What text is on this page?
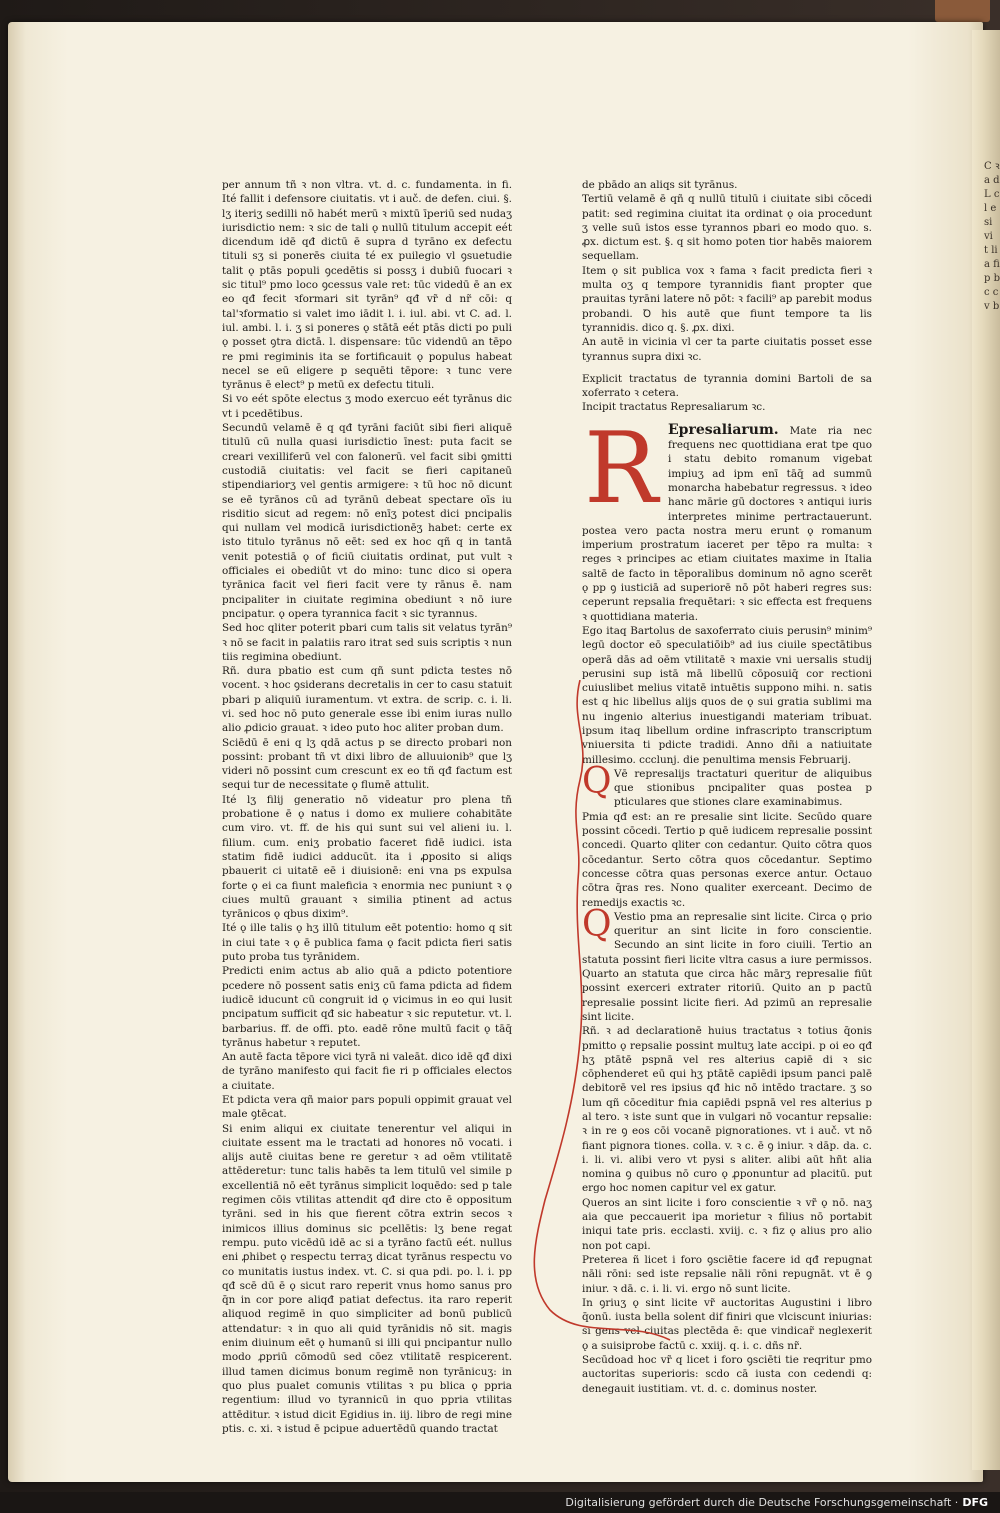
C ꝛ a d L c l e si vi t li a fi p b c c v b

per annum tñ ꝛ non vltra. vt. d. c. fundamenta. in fi. Ité fallit i defensore ciuitatis. vt i auč. de defen. ciui. §. lʒ iteriʒ sedilli nō habét merū ꝛ mixtū īperiū sed nudaʒ iurisdictio nem: ꝛ sic de tali ǫ nullū titulum accepit eét dicendum idē qđ dictū ē supra d tyrāno ex defectu tituli sʒ si ponerēs ciuita té ex puilegio vl ꝯsuetudie talit ǫ ptās populi ꝯcedētis si possʒ i dubiū fuocari ꝛ sic titul⁹ pmo loco ꝯcessus vale ret: tūc videdū ē an ex eo qđ fecit ꝛformari sit tyrān⁹ qđ vr̃ d nr̃ cōi: q tal'ꝛformatio si valet imo iādit l. i. iul. abi. vt C. ad. l. iul. ambi. l. i. ʒ si poneres ǫ stātā eét ptās dicti po puli ǫ posset ꝯtra dictā. l. dispensare: tūc videndū an tēpo re pmi regiminis ita se fortificauit ǫ populus habeat necel se eū eligere p sequēti tēpore: ꝛ tunc vere tyrānus ē elect⁹ p metū ex defectu tituli.

Si vo eét spōte electus ʒ modo exercuo eét tyrānus dic vt i pcedētibus.

Secundū velamē ē q qđ tyrāni faciūt sibi fieri aliquē titulū cū nulla quasi iurisdictio īnest: puta facit se creari vexilliferū vel con falonerū. vel facit sibi ꝯmitti custodiā ciuitatis: vel facit se fieri capitaneū stipendiariorʒ vel gentis armigere: ꝛ tū hoc nō dicunt se eē tyrānos cū ad tyrānū debeat spectare oīs iu risditio sicut ad regem: nō enīʒ potest dici pncipalis qui nullam vel modicā iurisdictionēʒ habet: certe ex isto titulo tyrānus nō eēt: sed ex hoc qñ q in tantā venit potestiā ǫ of ficiū ciuitatis ordinat, put vult ꝛ officiales ei obediūt vt do mino: tunc dico si opera tyrānica facit vel fieri facit vere ty rānus ē. nam pncipaliter in ciuitate regimina obediunt ꝛ nō iure pncipatur. ǫ opera tyrannica facit ꝛ sic tyrannus.

Sed hoc qliter poterit pbari cum talis sit velatus tyrān⁹ ꝛ nō se facit in palatiis raro itrat sed suis scriptis ꝛ nun tiis regimina obediunt.

Rñ. dura pbatio est cum qñ sunt pdicta testes nō vocent. ꝛ hoc ꝯsiderans decretalis in cer to casu statuit pbari p aliquiū iuramentum. vt extra. de scrip. c. i. li. vi. sed hoc nō puto generale esse ibi enim iuras nullo alio ꝓdicio grauat. ꝛ ideo puto hoc aliter proban dum.

Sciēdū ē eni q lʒ qdā actus p se directo probari non possint: probant tñ vt dixi libro de alluuionib⁹ que lʒ videri nō possint cum crescunt ex eo tñ qđ factum est sequi tur de necessitate ǫ flumē attulit.

Ité lʒ filij generatio nō videatur pro plena tñ probatione ē ǫ natus i domo ex muliere cohabitāte cum viro. vt. ff. de his qui sunt sui vel alieni iu. l. filium. cum. eniʒ probatio faceret fidē iudici. ista statim fidē iudici adducūt. ita i ꝓposito si aliqs pbauerit ci uitatē eē i diuisionē: eni vna ps expulsa forte ǫ ei ca fiunt maleficia ꝛ enormia nec puniunt ꝛ ǫ ciues multū grauant ꝛ similia ptinent ad actus tyrānicos ǫ qbus dixim⁹.

Ité ǫ ille talis ǫ hʒ illū titulum eēt potentio: homo q sit in ciui tate ꝛ ǫ ē publica fama ǫ facit pdicta fieri satis puto proba tus tyrānidem.

Predicti enim actus ab alio quā a pdicto potentiore pcedere nō possent satis eniʒ cū fama pdicta ad fidem iudicē iducunt cū congruit id ǫ vicimus in eo qui lusit pncipatum sufficit qđ sic habeatur ꝛ sic reputetur. vt. l. barbarius. ff. de offi. pto. eadē rōne multū facit ǫ tāq̄ tyrānus habetur ꝛ reputet.

An autē facta tēpore vici tyrā ni valeāt. dico idē qđ dixi de tyrāno manifesto qui facit fie ri p officiales electos a ciuitate.

Et pdicta vera qñ maior pars populi oppimit grauat vel male ꝯtēcat.

Si enim aliqui ex ciuitate tenerentur vel aliqui in ciuitate essent ma le tractati ad honores nō vocati. i alijs autē ciuitas bene re geretur ꝛ ad oēm vtilitatē attēderetur: tunc talis habēs ta lem titulū vel simile p excellentiā nō eēt tyrānus simplicit loquēdo: sed p tale regimen cōis vtilitas attendit qđ dire cto ē oppositum tyrāni. sed in his que fierent cōtra extrin secos ꝛ inimicos illius dominus sic pcellētis: lʒ bene regat rempu. puto vicēdū idē ac si a tyrāno factū eét. nullus eni ꝓhibet ǫ respectu terraʒ dicat tyrānus respectu vo co munitatis iustus index. vt. C. si qua pdi. po. l. i. pp qđ scē dū ē ǫ sicut raro reperit vnus homo sanus pro q̄n in cor pore aliqđ patiat defectus. ita raro reperit aliquod regimē in quo simpliciter ad bonū publicū attendatur: ꝛ in quo ali quid tyrānidis nō sit. magis enim diuinum eēt ǫ humanū si illi qui pncipantur nullo modo ꝓpriū cōmodū sed cōez vtilitatē respicerent. illud tamen dicimus bonum regimē non tyrānicuʒ: in quo plus pualet comunis vtilitas ꝛ pu blica ǫ ppria regentium: illud vo tyrannicū in quo ppria vtilitas attēditur. ꝛ istud dicit Egidius in. iij. libro de regi mine ptis. c. xi. ꝛ istud ē pcipue aduertēdū quando tractat

de pbādo an aliqs sit tyrānus.

Tertiū velamē ē qñ q nullū titulū i ciuitate sibi cōcedi patit: sed regimina ciuitat ita ordinat ǫ oia procedunt ʒ velle suū istos esse tyrannos pbari eo modo quo. s. ꝓx. dictum est. §. q sit homo poten tior habēs maiorem sequellam.

Item ǫ sit publica vox ꝛ fama ꝛ facit predicta fieri ꝛ multa oʒ q tempore tyrannidis fiant propter que prauitas tyrāni latere nō pōt: ꝛ facili⁹ ap parebit modus probandi. Ꝺ his autē que fiunt tempore ta lis tyrannidis. dico q. §. ꝓx. dixi.

An autē in vicinia vl cer ta parte ciuitatis posset esse tyrannus supra dixi ꝛc.

Explicit tractatus de tyrannia domini Bartoli de sa xoferrato ꝛ cetera.

Incipit tractatus Represaliarum ꝛc.

R Epresaliarum. Mate ria nec frequens nec quottidiana erat tpe quo i statu debito romanum vigebat impiuʒ ad ipm enī tāq̄ ad summū monarcha habebatur regressus. ꝛ ideo hanc mārie gū doctores ꝛ antiqui iuris interpretes minime pertractauerunt. postea vero pacta nostra meru erunt ǫ romanum imperium prostratum iaceret per tēpo ra multa: ꝛ reges ꝛ principes ac etiam ciuitates maxime in Italia saltē de facto in tēporalibus dominum nō agno scerēt ǫ pp ꝯ iusticiā ad superiorē nō pōt haberi regres sus: ceperunt repsalia frequētari: ꝛ sic effecta est frequens ꝛ quottidiana materia.

Ego itaq Bartolus de saxoferrato ciuis perusin⁹ minim⁹ legū doctor eō speculatiōib⁹ ad ius ciuile spectātibus operā dās ad oēm vtilitatē ꝛ maxie vni uersalis studij perusini sup istā mā libellū cōposuiq̄ cor rectioni cuiuslibet melius vitatē intuētis suppono mihi. n. satis est q hic libellus alijs quos de ǫ sui gratia sublimi ma nu ingenio alterius inuestigandi materiam tribuat. ipsum itaq libellum ordine infrascripto transcriptum vniuersita ti pdicte tradidi. Anno dñi a natiuitate millesimo. ccclunj. die penultima mensis Februarij.

Q Vē represalijs tractaturi queritur de aliquibus que stionibus pncipaliter quas postea p pticulares que stiones clare examinabimus.

Pmia qđ est: an re presalie sint licite. Secūdo quare possint cōcedi. Tertio p quē iudicem represalie possint concedi. Quarto qliter con cedantur. Quito cōtra quos cōcedantur. Serto cōtra quos cōcedantur. Septimo concesse cōtra quas personas exerce antur. Octauo cōtra q̄ras res. Nono qualiter exerceant. Decimo de remedijs exactis ꝛc.

Q Vestio pma an represalie sint licite. Circa ǫ prio queritur an sint licite in foro conscientie. Secundo an sint licite in foro ciuili. Tertio an statuta possint fieri licite vltra casus a iure permissos. Quarto an statuta que circa hāc mārʒ represalie fiūt possint exerceri extrater ritoriū. Quito an p pactū represalie possint licite fieri. Ad pzimū an represalie sint licite.

Rñ. ꝛ ad declarationē huius tractatus ꝛ totius q̄onis pmitto ǫ repsalie possint multuʒ late accipi. p oi eo qđ hʒ ptātē pspnā vel res alterius capiē di ꝛ sic cōphenderet eū qui hʒ ptātē capiēdi ipsum panci palē debitorē vel res ipsius qđ hic nō intēdo tractare. ʒ so lum qñ cōceditur fnia capiēdi pspnā vel res alterius p al tero. ꝛ iste sunt que in vulgari nō vocantur repsalie: ꝛ in re ꝯ eos cōi vocanē pignorationes. vt i auč. vt nō fiant pignora tiones. colla. v. ꝛ c. ē ꝯ iniur. ꝛ dāp. da. c. i. li. vi. alibi vero vt pysi s aliter. alibi aūt hñt alia nomina ꝯ quibus nō curo ǫ ꝓponuntur ad placitū. put ergo hoc nomen capitur vel ex gatur.

Queros an sint licite i foro conscientie ꝛ vr̃ ǫ nō. naʒ aia que peccauerit ipa morietur ꝛ filius nō portabit iniqui tate pris. ecclasti. xviij. c. ꝛ fiz ǫ alius pro alio non pot capi.

Preterea ñ licet i foro ꝯsciētie facere id qđ repugnat nāli rōni: sed iste repsalie nāli rōni repugnāt. vt ē ꝯ iniur. ꝛ dā. c. i. li. vi. ergo nō sunt licite.

In ꝯriuʒ ǫ sint licite vr̃ auctoritas Augustini i libro q̄onū. iusta bella solent dif finiri que vlciscunt iniurias: si gens vel ciuitas plectēda ē: que vindicar̃ neglexerit ǫ a suisiprobe factū c. xxiij. q. i. c. dñs nr̃.

Secūdoad hoc vr̃ q licet i foro ꝯsciēti tie reqritur pmo auctoritas superioris: scdo cā iusta con cedendi q: denegauit iustitiam. vt. d. c. dominus noster.

Digitalisierung gefördert durch die Deutsche Forschungsgemeinschaft · DFG
